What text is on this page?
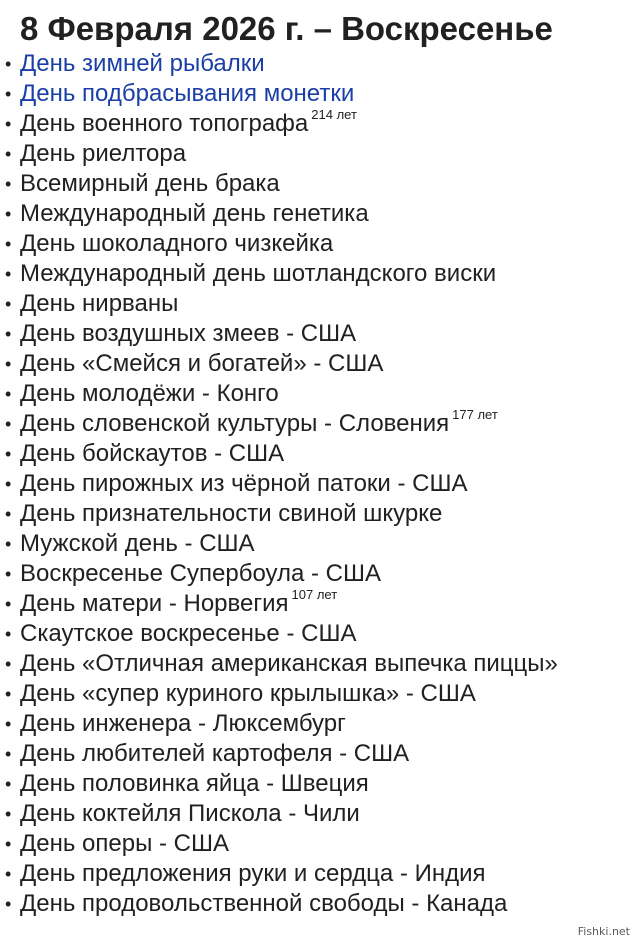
8 Февраля 2026 г. – Воскресенье
• День зимней рыбалки
• День подбрасывания монетки
• День военного топографа $^{214 лет}$
• День риелтора
• Всемирный день брака
• Международный день генетика
• День шоколадного чизкейка
• Международный день шотландского виски
• День нирваны
• День воздушных змеев - США
• День «Смейся и богатей» - США
• День молодёжи - Конго
• День словенской культуры - Словения $^{177 лет}$
• День бойскаутов - США
• День пирожных из чёрной патоки - США
• День признательности свиной шкурке
• Мужской день - США
• Воскресенье Супербоула - США
• День матери - Норвегия $^{107 лет}$
• Скаутское воскресенье - США
• День «Отличная американская выпечка пиццы»
• День «супер куриного крылышка» - США
• День инженера - Люксембург
• День любителей картофеля - США
• День половинка яйца - Швеция
• День коктейля Пискола - Чили
• День оперы - США
• День предложения руки и сердца - Индия
• День продовольственной свободы - Канада
Fishki.net
